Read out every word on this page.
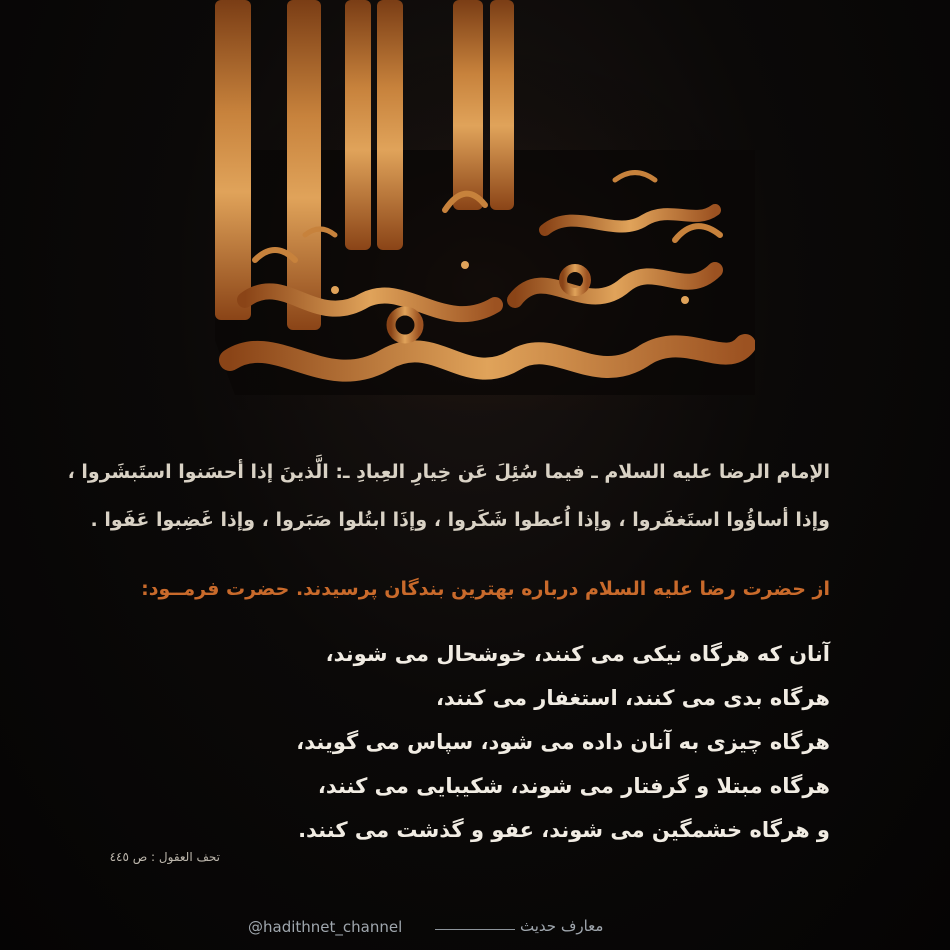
الإمام الرضا علیه السلام ـ فیما سُئِلَ عَن خِیارِ العِبادِ ـ: الَّذینَ إذا أحسَنوا استَبشَروا ،
وإذا أساؤُوا استَغفَروا ، وإذا اُعطوا شَكَروا ، وإذَا ابتُلوا صَبَروا ، وإذا غَضِبوا عَفَوا .
از حضرت رضا علیه السلام درباره بهترین بندگان پرسیدند. حضرت فرمــود:
آنان که هرگاه نیکی می کنند، خوشحال می شوند،
هرگاه بدی می کنند، استغفار می کنند،
هرگاه چیزی به آنان داده می شود، سپاس می گویند،
هرگاه مبتلا و گرفتار می شوند، شکیبایی می کنند،
و هرگاه خشمگین می شوند، عفو و گذشت می کنند.
تحف العقول : ص ٤٤٥
@hadithnet_channel	معارف حدیث
